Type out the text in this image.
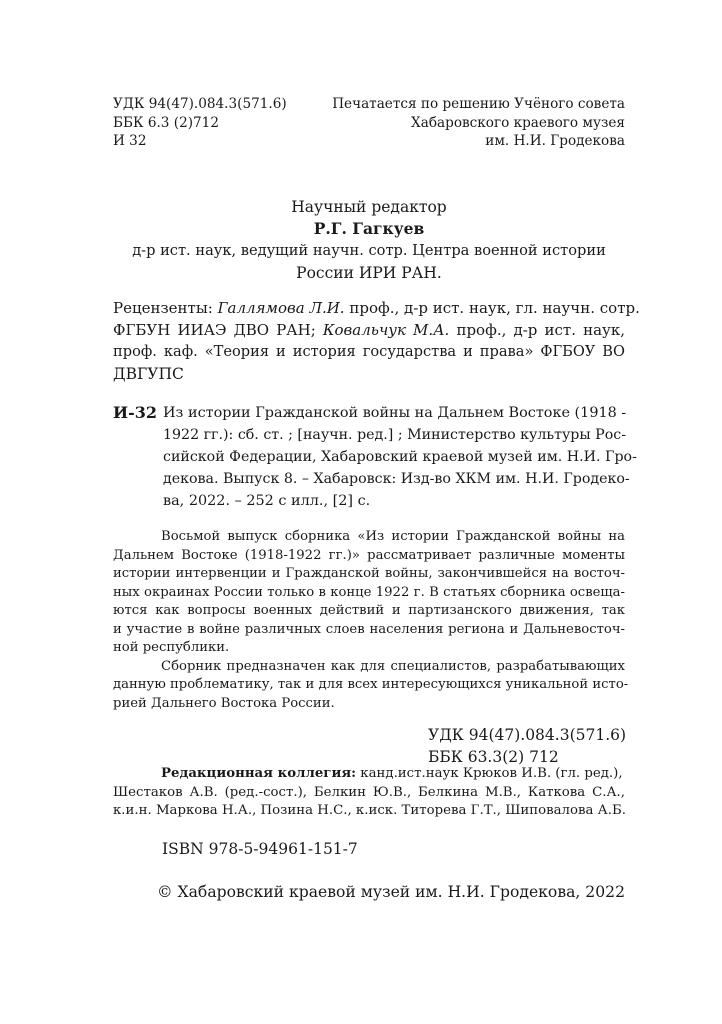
УДК 94(47).084.3(571.6)
ББК 6.3 (2)712
И 32
Печатается по решению Учёного совета
Хабаровского краевого музея
им. Н.И. Гродекова
Научный редактор
Р.Г. Гагкуев
д-р ист. наук, ведущий научн. сотр. Центра военной истории
России ИРИ РАН.
Рецензенты: Галлямова Л.И. проф., д-р ист. наук, гл. научн. сотр.
ФГБУН ИИАЭ ДВО РАН; Ковальчук М.А. проф., д-р ист. наук,
проф. каф. «Теория и история государства и права» ФГБОУ ВО
ДВГУПС
И-32 Из истории Гражданской войны на Дальнем Востоке (1918 -
1922 гг.): сб. ст. ; [научн. ред.] ; Министерство культуры Рос-
сийской Федерации, Хабаровский краевой музей им. Н.И. Гро-
декова. Выпуск 8. – Хабаровск: Изд-во ХКМ им. Н.И. Гродеко-
ва, 2022. – 252 с илл., [2] с.
Восьмой выпуск сборника «Из истории Гражданской войны на
Дальнем Востоке (1918-1922 гг.)» рассматривает различные моменты
истории интервенции и Гражданской войны, закончившейся на восточ-
ных окраинах России только в конце 1922 г. В статьях сборника освеща-
ются как вопросы военных действий и партизанского движения, так
и участие в войне различных слоев населения региона и Дальневосточ-
ной республики.
Сборник предназначен как для специалистов, разрабатывающих
данную проблематику, так и для всех интересующихся уникальной исто-
рией Дальнего Востока России.
УДК 94(47).084.3(571.6)
ББК 63.3(2) 712
Редакционная коллегия: канд.ист.наук Крюков И.В. (гл. ред.),
Шестаков А.В. (ред.-сост.), Белкин Ю.В., Белкина М.В., Каткова С.А.,
к.и.н. Маркова Н.А., Позина Н.С., к.иск. Титорева Г.Т., Шиповалова А.Б.
ISBN 978-5-94961-151-7
© Хабаровский краевой музей им. Н.И. Гродекова, 2022
